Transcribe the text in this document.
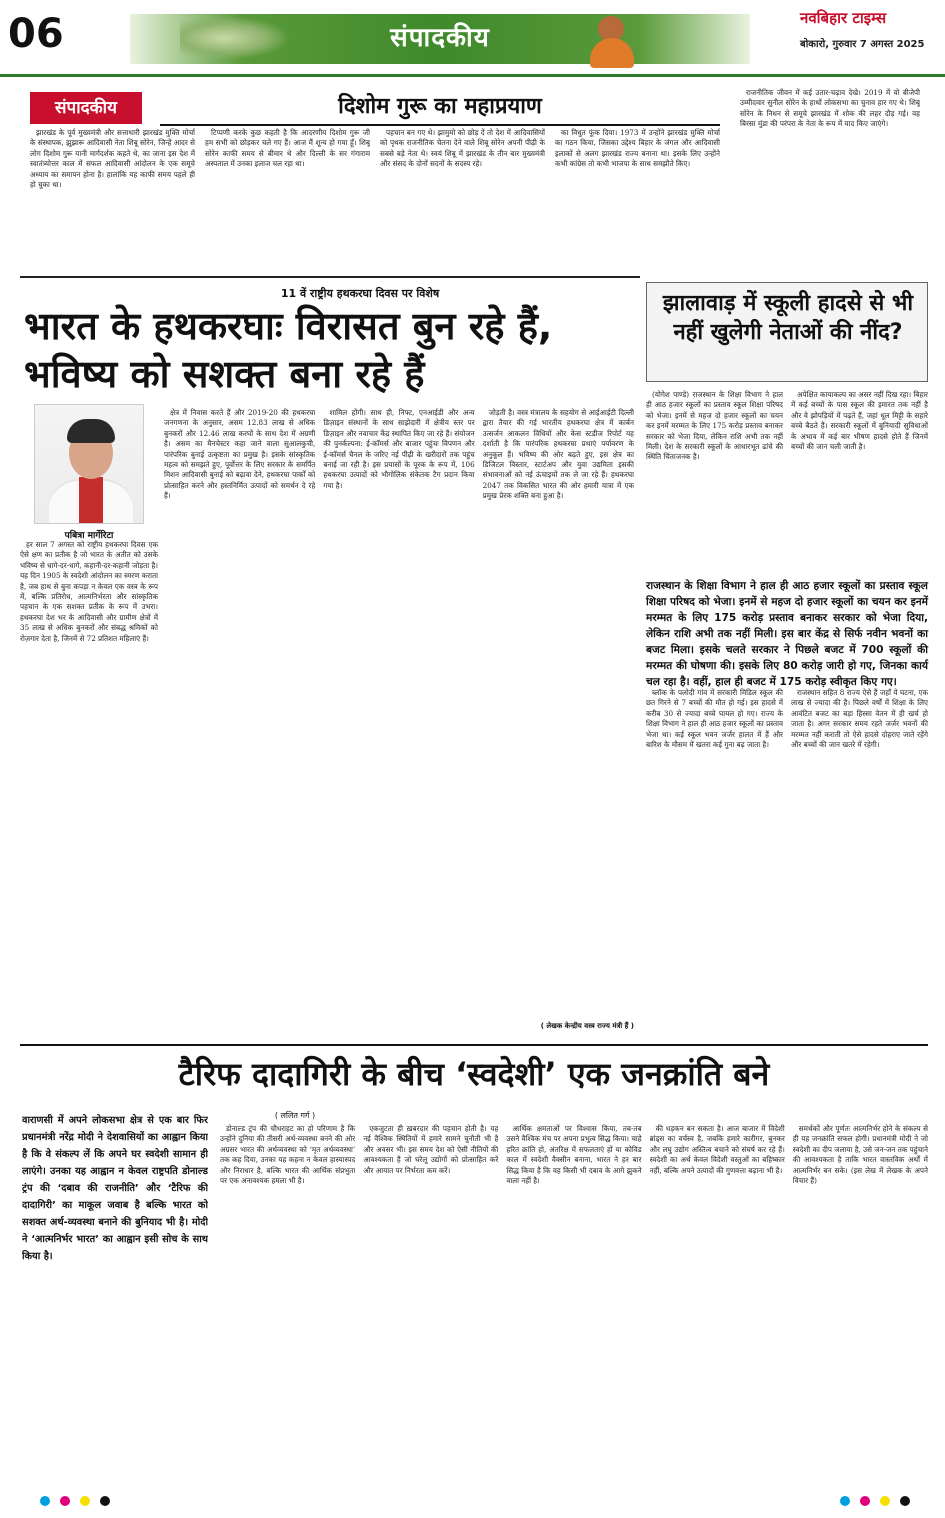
06	संपादकीय
नवबिहार टाइम्स
बोकारो, गुरुवार 7 अगस्त 2025
संपादकीय	दिशोम गुरू का महाप्रयाण

झारखंड के पूर्व मुख्यमंत्री और सत्ताधारी झारखंड मुक्ति मोर्चा के संस्थापक, झुझारू आदिवासी नेता शिबू सोरेन, जिन्हें आदर से लोग दिशोम गुरू यानी मार्गदर्शक कहते थे, का जाना इस देश में स्वातंत्र्योत्तर काल में सफल आदिवासी आंदोलन के एक समूचे अध्याय का समापन होना है। हालांकि यह काफी समय पहले ही हो चुका था।

टिप्पणी करके कुछ कहती है कि आदरणीय दिशोम गुरू जी हम सभी को छोड़कर चले गए हैं। आज मैं शून्य हो गया हूँ। शिबू सोरेन काफी समय से बीमार थे और दिल्ली के सर गंगाराम अस्पताल में उनका इलाज चल रहा था।

पहचान बन गए थे। झामुमो को छोड़ दें तो देश में आदिवासियों को पृथक राजनीतिक चेतना देने वाले शिबू सोरेन अपनी पीढ़ी के सबसे बड़े नेता थे। स्वयं शिबू में झारखंड के तीन बार मुख्यमंत्री और संसद के दोनों सदनों के सदस्य रहे।

का विधुत फूंक दिया। 1973 में उन्होंने झारखंड मुक्ति मोर्चा का गठन किया, जिसका उद्देश्य बिहार के जंगल और आदिवासी इलाकों से अलग झारखंड राज्य बनाना था। इसके लिए उन्होंने कभी कांग्रेस तो कभी भाजपा के साथ समझौते किए।

राजनीतिक जीवन में कई उतार-चढ़ाव देखे। 2019 में वो बीजेपी उम्मीदवार सुनील सोरेन के हाथों लोकसभा का चुनाव हार गए थे। शिबू सोरेन के निधन से समूचे झारखंड में शोक की लहर दौड़ गई। वह बिरसा मुंडा की परंपरा के नेता के रूप में याद किए जाएंगे।

11 वें राष्ट्रीय हथकरघा दिवस पर विशेष
भारत के हथकरघाः विरासत बुन रहे हैं, भविष्य को सशक्त बना रहे हैं
पबित्रा मार्गेरिटा

हर साल 7 अगस्त को राष्ट्रीय हथकरघा दिवस एक ऐसे क्षण का प्रतीक है जो भारत के अतीत को उसके भविष्य से धागे-दर-धागे, कहानी-दर-कहानी जोड़ता है। यह दिन 1905 के स्वदेशी आंदोलन का स्मरण कराता है, जब हाथ से बुना कपड़ा न केवल एक वस्त्र के रूप में, बल्कि प्रतिरोध, आत्मनिर्भरता और सांस्कृतिक पहचान के एक सशक्त प्रतीक के रूप में उभरा। हथकरघा देश भर के आदिवासी और ग्रामीण क्षेत्रों में 35 लाख से अधिक बुनकरों और संबद्ध श्रमिकों को रोज़गार देता है, जिनमें से 72 प्रतिशत महिलाएं हैं।

क्षेत्र में निवास करते हैं और 2019-20 की हथकरघा जनगणना के अनुसार, असम 12.83 लाख से अधिक बुनकरों और 12.46 लाख करघों के साथ देश में अग्रणी है। असम का मैनचेस्टर कहा जाने वाला सुआलकुची, पारंपरिक बुनाई उत्कृष्टता का प्रमुख है। इसके सांस्कृतिक महत्व को समझते हुए, पूर्वोत्तर के लिए सरकार के समर्पित मिशन आदिवासी बुनाई को बढ़ावा देने, हथकरघा पार्कों को प्रोत्साहित करने और हस्तनिर्मित उत्पादों को समर्थन दे रहे हैं।

शामिल होंगी। साथ ही, निफ्ट, एनआईडी और अन्य डिज़ाइन संस्थानों के साथ साझेदारी में क्षेत्रीय स्तर पर डिज़ाइन और नवाचार केंद्र स्थापित किए जा रहे हैं। संयोजन की पुनर्कल्पना: ई-कॉमर्स और बाजार पहुंचः विपणन और ई-कॉमर्स चैनल के जरिए नई पीढ़ी के खरीदारों तक पहुंच बनाई जा रही है। इस प्रयासों के पूरक के रूप में, 106 हथकरघा उत्पादों को भौगोलिक संकेतक टैग प्रदान किया गया है।

जोड़ती है। वस्त्र मंत्रालय के सहयोग से आईआईटी दिल्ली द्वारा तैयार की गई भारतीय हथकरघा क्षेत्र में कार्बन उत्सर्जन आकलन विधियों और केस स्टडीज रिपोर्ट यह दर्शाती है कि पारंपरिक हथकरघा प्रथाएं पर्यावरण के अनुकूल हैं। भविष्य की ओर बढ़ते हुए, इस क्षेत्र का डिजिटल विस्तार, स्टार्टअप और युवा उद्यमिता इसकी संभावनाओं को नई ऊंचाइयों तक ले जा रहे हैं। हथकरघा 2047 तक विकसित भारत की ओर हमारी यात्रा में एक प्रमुख प्रेरक शक्ति बना हुआ है।

( लेखक केन्द्रीय वस्त्र राज्य मंत्री हैं )
झालावाड़ में स्कूली हादसे से भी नहीं खुलेगी नेताओं की नींद?

(योगेश पाण्डे) राजस्थान के शिक्षा विभाग ने हाल ही आठ हजार स्कूलों का प्रस्ताव स्कूल शिक्षा परिषद को भेजा। इनमें से महज दो हजार स्कूलों का चयन कर इनमें मरम्मत के लिए 175 करोड़ प्रस्ताव बनाकर सरकार को भेजा दिया, लेकिन राशि अभी तक नहीं मिली। देश के सरकारी स्कूलों के आधारभूत ढांचे की स्थिति चिंताजनक है।

अपेक्षित कायाकल्प का असर नहीं दिख रहा। बिहार में कई बच्चों के पास स्कूल की इमारत तक नहीं है और वे झोपड़ियों में पढ़ते हैं, जहां धूल मिट्टी के सहारे बच्चे बैठते हैं। सरकारी स्कूलों में बुनियादी सुविधाओं के अभाव में कई बार भीषण हादसे होते हैं जिनमें बच्चों की जान चली जाती है।

राजस्थान के शिक्षा विभाग ने हाल ही आठ हजार स्कूलों का प्रस्ताव स्कूल शिक्षा परिषद को भेजा। इनमें से महज दो हजार स्कूलों का चयन कर इनमें मरम्मत के लिए 175 करोड़ प्रस्ताव बनाकर सरकार को भेजा दिया, लेकिन राशि अभी तक नहीं मिली। इस बार केंद्र से सिर्फ नवीन भवनों का बजट मिला। इसके चलते सरकार ने पिछले बजट में 700 स्कूलों की मरम्मत की घोषणा की। इसके लिए 80 करोड़ जारी हो गए, जिनका कार्य चल रहा है। वहीं, हाल ही बजट में 175 करोड़ स्वीकृत किए गए।

ब्लॉक के पलोदी गांव में सरकारी मिडिल स्कूल की छत गिरने से 7 बच्चों की मौत हो गई। इस हादसे में करीब 30 से ज्यादा बच्चे घायल हो गए। राज्य के शिक्षा विभाग ने हाल ही आठ हजार स्कूलों का प्रस्ताव भेजा था। कई स्कूल भवन जर्जर हालत में हैं और बारिश के मौसम में खतरा कई गुना बढ़ जाता है।

राजस्थान सहित 8 राज्य ऐसे हैं जहाँ ये घटना, एक लाख से ज्यादा की है। पिछले वर्षों में शिक्षा के लिए आवंटित बजट का बड़ा हिस्सा वेतन में ही खर्च हो जाता है। अगर सरकार समय रहते जर्जर भवनों की मरम्मत नहीं कराती तो ऐसे हादसे दोहराए जाते रहेंगे और बच्चों की जान खतरे में रहेगी।

टैरिफ दादागिरी के बीच ‘स्वदेशी’ एक जनक्रांति बने
वाराणसी में अपने लोकसभा क्षेत्र से एक बार फिर प्रधानमंत्री नरेंद्र मोदी ने देशवासियों का आह्वान किया है कि वे संकल्प लें कि अपने घर स्वदेशी सामान ही लाएंगे। उनका यह आह्वान न केवल राष्ट्रपति डोनाल्ड ट्रंप की ‘दबाव की राजनीति’ और ‘टैरिफ की दादागिरी’ का माकूल जवाब है बल्कि भारत को सशक्त अर्थ-व्यवस्था बनाने की बुनियाद भी है। मोदी ने ‘आत्मनिर्भर भारत’ का आह्वान इसी सोच के साथ किया है।
( ललित गर्ग )

डोनाल्ड ट्रंप की चौधराहट का हो परिणाम है कि उन्होंने दुनिया की तीसरी अर्थ-व्यवस्था बनने की ओर अग्रसर भारत की अर्थव्यवस्था को ‘मृत अर्थव्यवस्था’ तक कह दिया, उनका यह कहना न केवल हास्यास्पद और निराधार है, बल्कि भारत की आर्थिक संप्रभुता पर एक अनावश्यक हमला भी है।

एकजुटता ही ख़बरदार की पहचान होती है। यह नई वैश्विक स्थितियों में हमारे सामने चुनौती भी है और अवसर भी। इस समय देश को ऐसी नीतियों की आवश्यकता है जो घरेलू उद्योगों को प्रोत्साहित करें और आयात पर निर्भरता कम करें।

आर्थिक क्षमताओं पर विश्वास किया, तब-तब उसने वैश्विक मंच पर अपना प्रभुत्व सिद्ध किया। चाहे हरित क्रांति हो, अंतरिक्ष में सफलताएं हों या कोविड काल में स्वदेशी वैक्सीन बनाना, भारत ने हर बार सिद्ध किया है कि वह किसी भी दबाव के आगे झुकने वाला नहीं है।

की धड़कन बन सकता है। आज बाजार में विदेशी ब्रांड्स का वर्चस्व है, जबकि हमारे कारीगर, बुनकर और लघु उद्योग अस्तित्व बचाने को संघर्ष कर रहे हैं। स्वदेशी का अर्थ केवल विदेशी वस्तुओं का बहिष्कार नहीं, बल्कि अपने उत्पादों की गुणवत्ता बढ़ाना भी है।

समर्थकों और पूर्णतः आत्मनिर्भर होने के संकल्प से ही यह जनक्रांति सफल होगी। प्रधानमंत्री मोदी ने जो स्वदेशी का दीप जलाया है, उसे जन-जन तक पहुंचाने की आवश्यकता है ताकि भारत वास्तविक अर्थों में आत्मनिर्भर बन सके। (इस लेख में लेखक के अपने विचार हैं)
